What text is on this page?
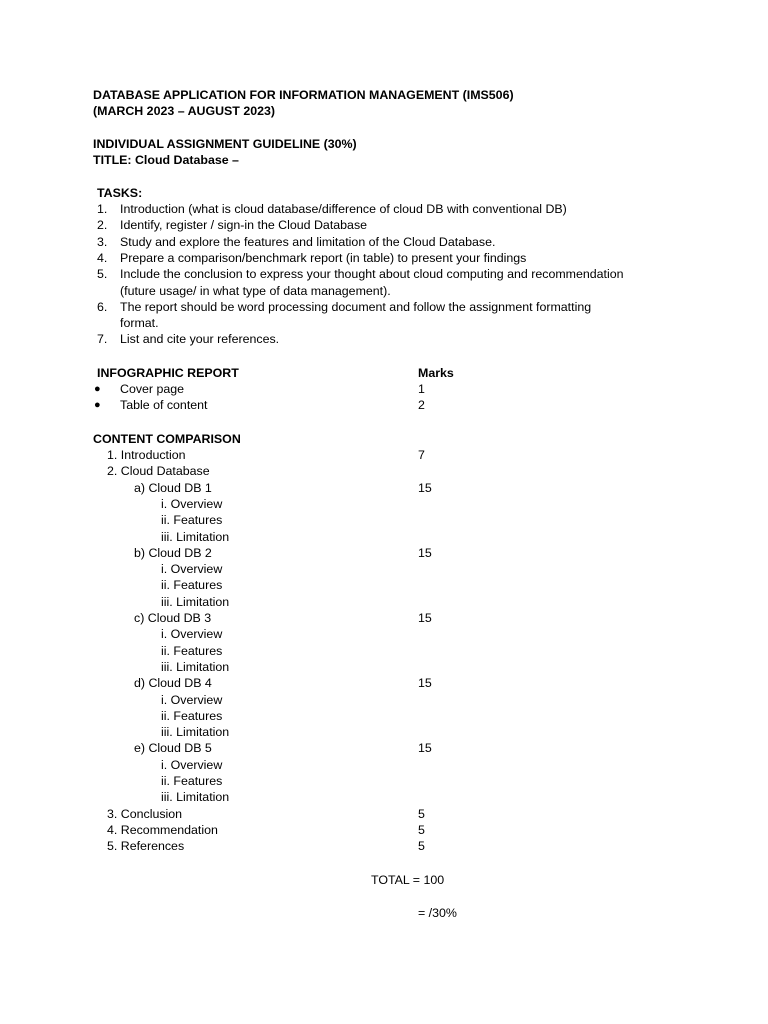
DATABASE APPLICATION FOR INFORMATION MANAGEMENT (IMS506)
(MARCH 2023 – AUGUST 2023)
INDIVIDUAL ASSIGNMENT GUIDELINE (30%)
TITLE: Cloud Database –
TASKS:
1. Introduction (what is cloud database/difference of cloud DB with conventional DB)
2. Identify, register / sign-in the Cloud Database
3. Study and explore the features and limitation of the Cloud Database.
4. Prepare a comparison/benchmark report (in table) to present your findings
5. Include the conclusion to express your thought about cloud computing and recommendation
(future usage/ in what type of data management).
6. The report should be word processing document and follow the assignment formatting
format.
7. List and cite your references.
INFOGRAPHIC REPORT	Marks
● Cover page	1
● Table of content	2
CONTENT COMPARISON
1. Introduction	7
2. Cloud Database
a) Cloud DB 1	15
i. Overview
ii. Features
iii. Limitation
b) Cloud DB 2	15
i. Overview
ii. Features
iii. Limitation
c) Cloud DB 3	15
i. Overview
ii. Features
iii. Limitation
d) Cloud DB 4	15
i. Overview
ii. Features
iii. Limitation
e) Cloud DB 5	15
i. Overview
ii. Features
iii. Limitation
3. Conclusion	5
4. Recommendation	5
5. References	5
TOTAL = 100
= /30%
